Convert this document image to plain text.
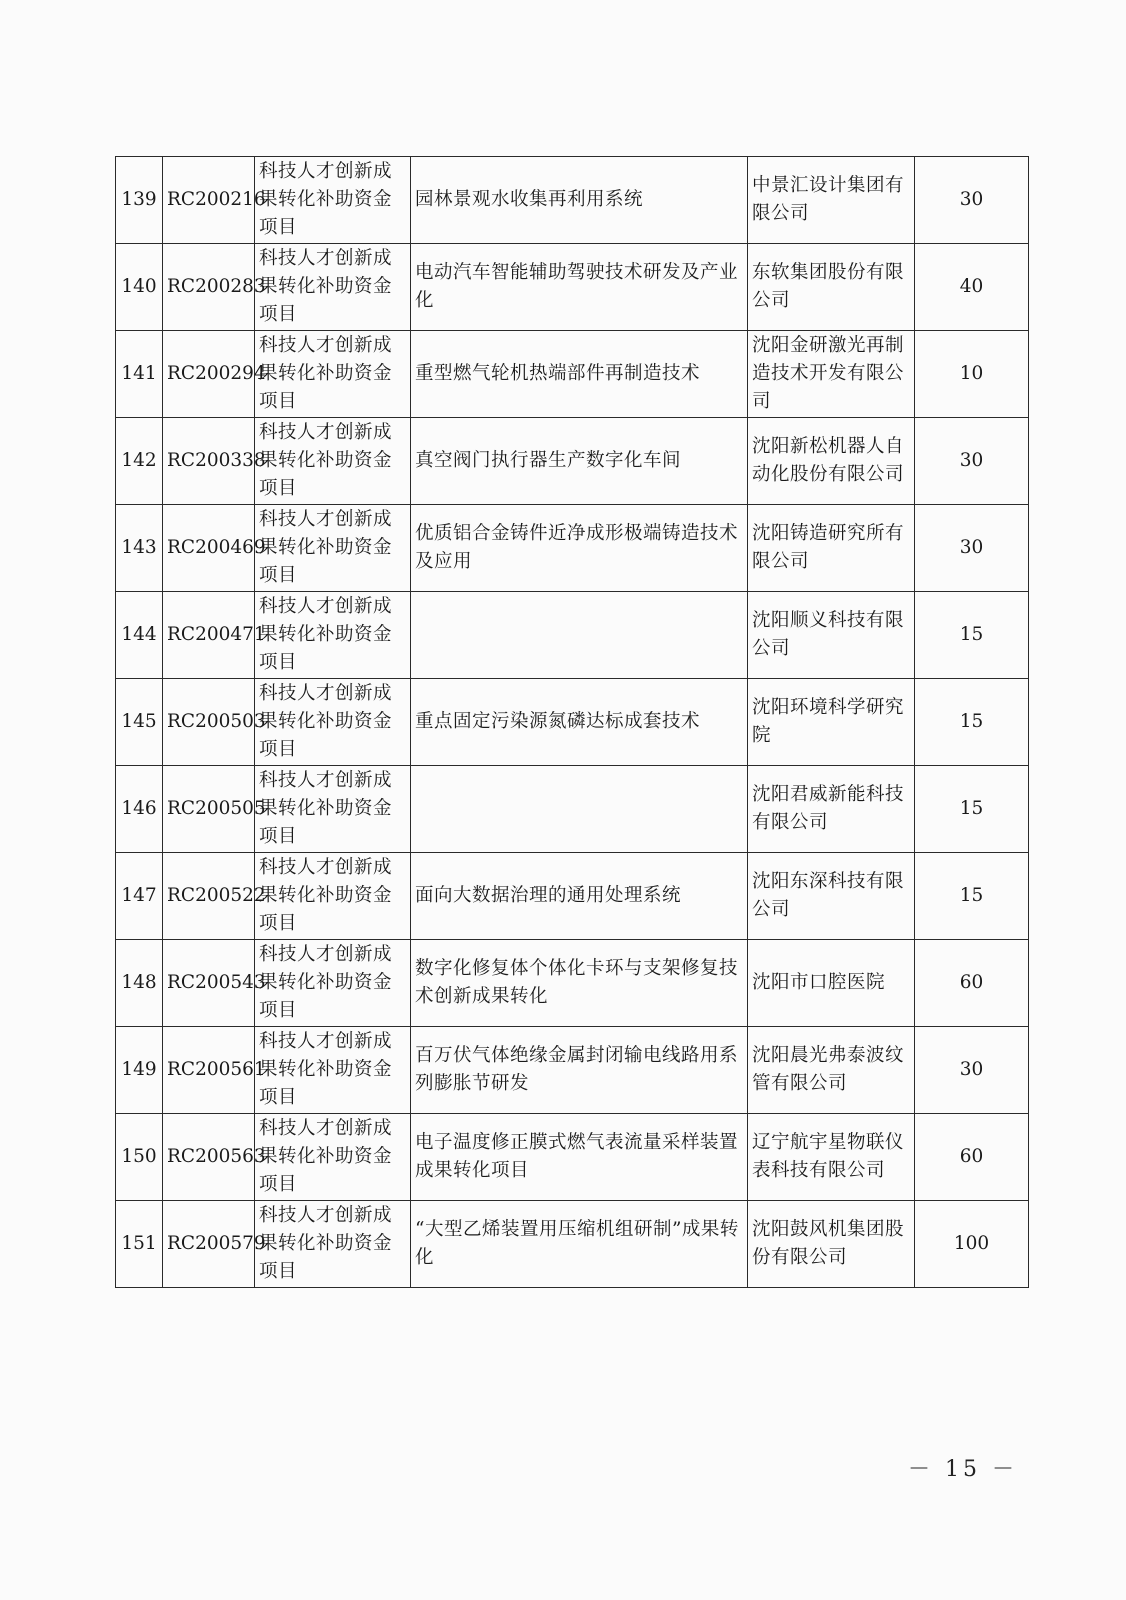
139	RC200216	科技人才创新成果转化补助资金项目	园林景观水收集再利用系统	中景汇设计集团有限公司	30
140	RC200283	科技人才创新成果转化补助资金项目	电动汽车智能辅助驾驶技术研发及产业化	东软集团股份有限公司	40
141	RC200294	科技人才创新成果转化补助资金项目	重型燃气轮机热端部件再制造技术	沈阳金研激光再制造技术开发有限公司	10
142	RC200338	科技人才创新成果转化补助资金项目	真空阀门执行器生产数字化车间	沈阳新松机器人自动化股份有限公司	30
143	RC200469	科技人才创新成果转化补助资金项目	优质铝合金铸件近净成形极端铸造技术及应用	沈阳铸造研究所有限公司	30
144	RC200471	科技人才创新成果转化补助资金项目		沈阳顺义科技有限公司	15
145	RC200503	科技人才创新成果转化补助资金项目	重点固定污染源氮磷达标成套技术	沈阳环境科学研究院	15
146	RC200505	科技人才创新成果转化补助资金项目		沈阳君威新能科技有限公司	15
147	RC200522	科技人才创新成果转化补助资金项目	面向大数据治理的通用处理系统	沈阳东深科技有限公司	15
148	RC200543	科技人才创新成果转化补助资金项目	数字化修复体个体化卡环与支架修复技术创新成果转化	沈阳市口腔医院	60
149	RC200561	科技人才创新成果转化补助资金项目	百万伏气体绝缘金属封闭输电线路用系列膨胀节研发	沈阳晨光弗泰波纹管有限公司	30
150	RC200563	科技人才创新成果转化补助资金项目	电子温度修正膜式燃气表流量采样装置成果转化项目	辽宁航宇星物联仪表科技有限公司	60
151	RC200579	科技人才创新成果转化补助资金项目	“大型乙烯装置用压缩机组研制”成果转化	沈阳鼓风机集团股份有限公司	100
－ 15 －
